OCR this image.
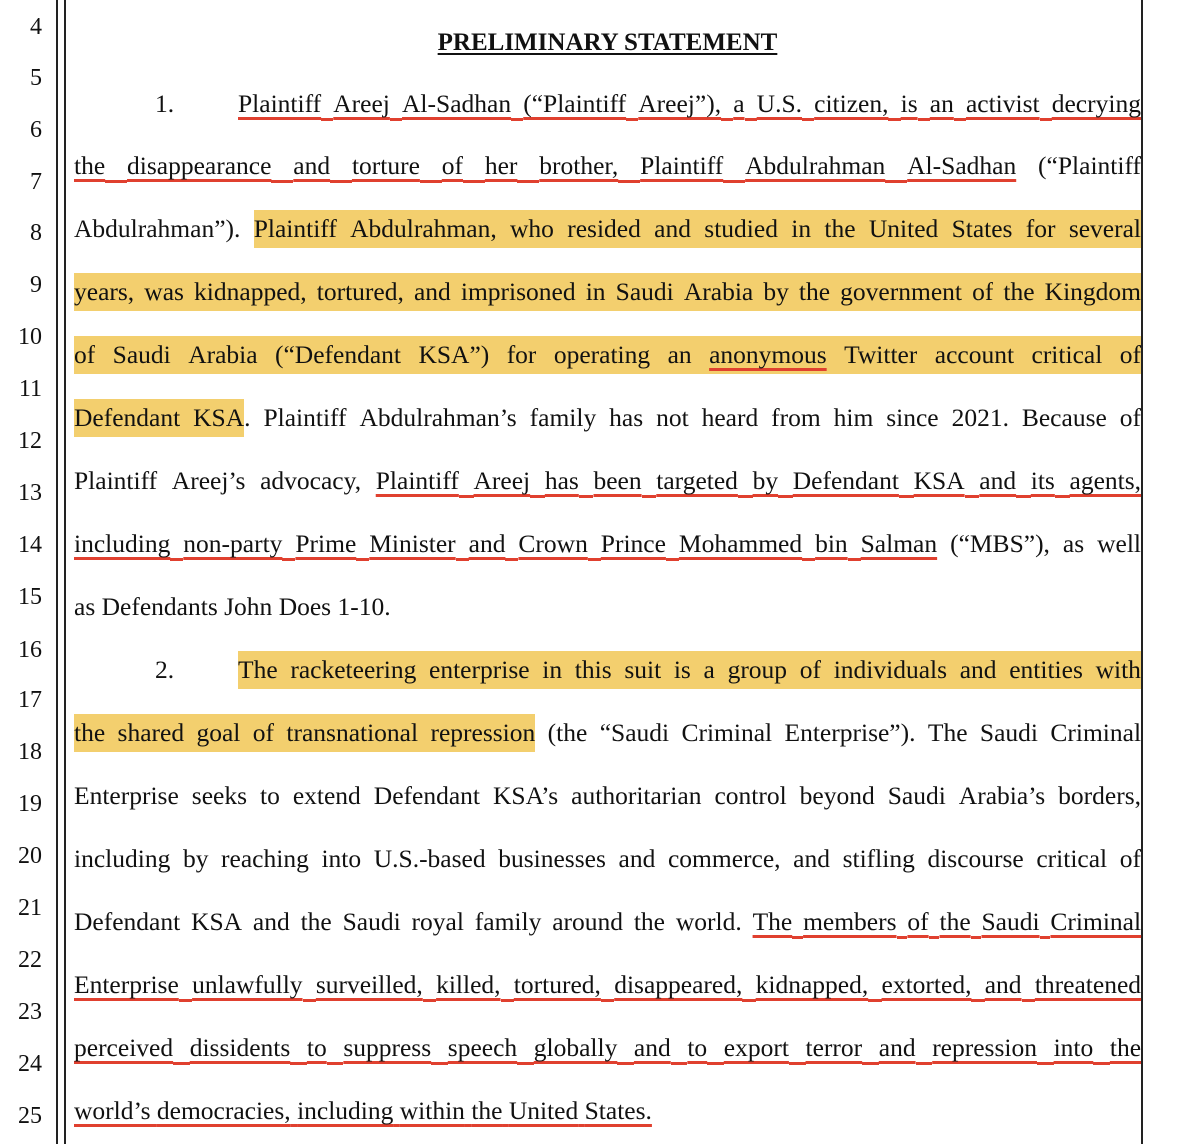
4
5
6
7
8
9
10
11
12
13
14
15
16
17
18
19
20
21
22
23
24
25
PRELIMINARY STATEMENT
1.	Plaintiff Areej Al-Sadhan (“Plaintiff Areej”), a U.S. citizen, is an activist decrying
the disappearance and torture of her brother, Plaintiff Abdulrahman Al-Sadhan (“Plaintiff
Abdulrahman”). Plaintiff Abdulrahman, who resided and studied in the United States for several
years, was kidnapped, tortured, and imprisoned in Saudi Arabia by the government of the Kingdom
of Saudi Arabia (“Defendant KSA”) for operating an anonymous Twitter account critical of
Defendant KSA . Plaintiff Abdulrahman’s family has not heard from him since 2021. Because of
Plaintiff Areej’s advocacy, Plaintiff Areej has been targeted by Defendant KSA and its agents,
including non-party Prime Minister and Crown Prince Mohammed bin Salman (“MBS”), as well
as
Defendants
John
Does
1-10.
2.	The racketeering enterprise in this suit is a group of individuals and entities with
the shared goal of transnational repression (the “Saudi Criminal Enterprise”). The Saudi Criminal
Enterprise seeks to extend Defendant KSA’s authoritarian control beyond Saudi Arabia’s borders,
including by reaching into U.S.-based businesses and commerce, and stifling discourse critical of
Defendant KSA and the Saudi royal family around the world. The members of the Saudi Criminal
Enterprise unlawfully surveilled, killed, tortured, disappeared, kidnapped, extorted, and threatened
perceived dissidents to suppress speech globally and to export terror and repression into the
world’s
democracies,
including
within
the
United
States.
